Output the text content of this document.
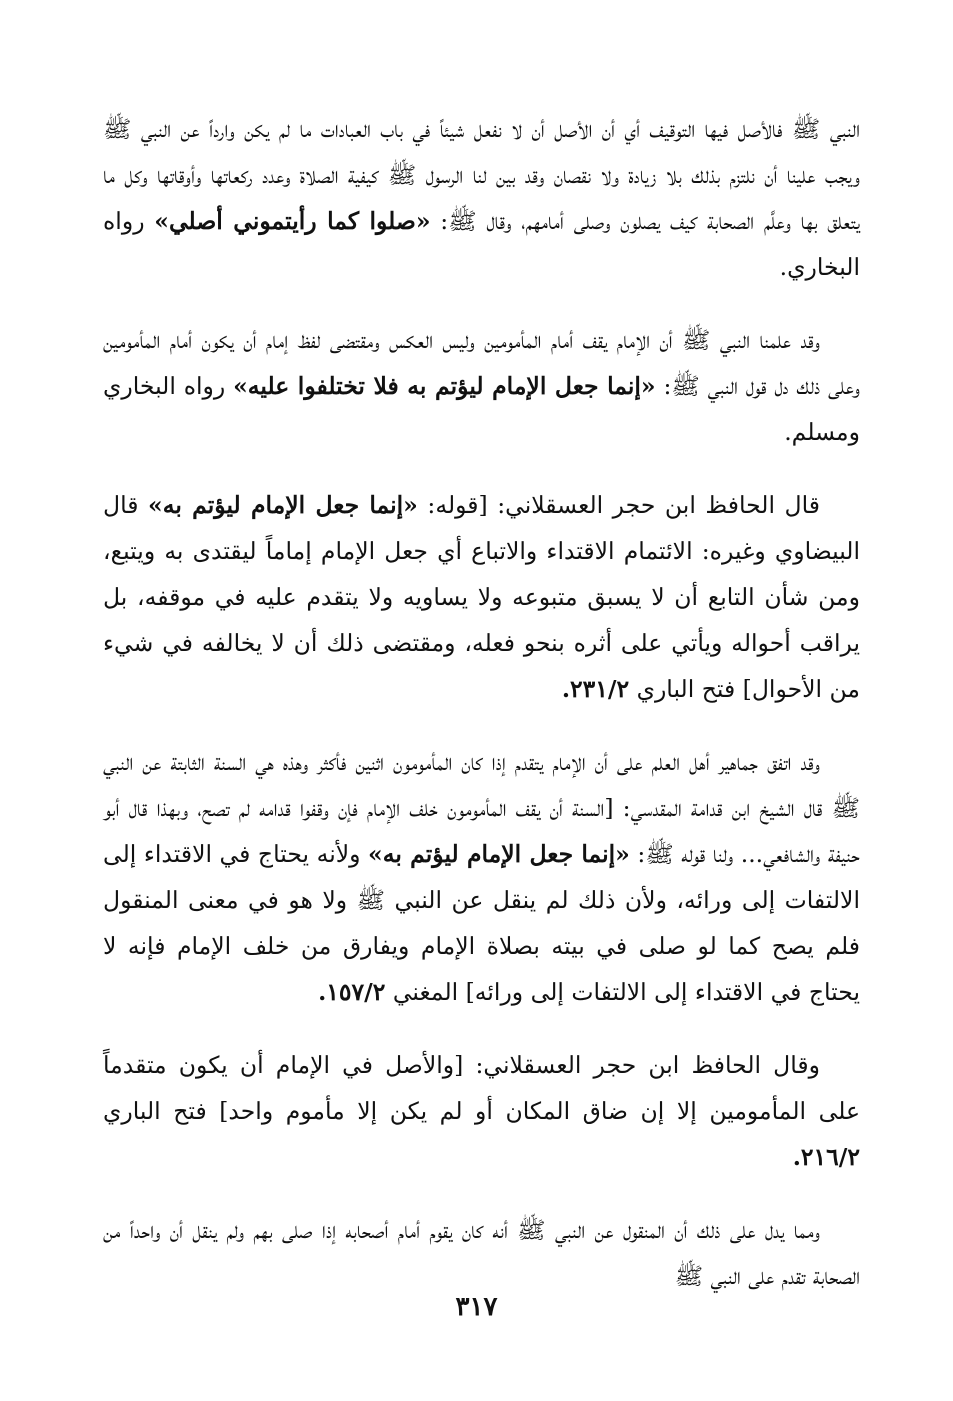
النبي ﷺ فالأصل فيها التوقيف أي أن الأصل أن لا نفعل شيئاً في باب العبادات ما لم يكن وارداً عن النبي ﷺ ويجب علينا أن نلتزم بذلك بلا زيادة ولا نقصان وقد بين لنا الرسول ﷺ كيفية الصلاة وعدد ركعاتها وأوقاتها وكل ما يتعلق بها وعلَّم الصحابة كيف يصلون وصلى أمامهم، وقال ﷺ: «صلوا كما رأيتموني أصلي» رواه البخاري.

وقد علمنا النبي ﷺ أن الإمام يقف أمام المأمومين وليس العكس ومقتضى لفظ إمام أن يكون أمام المأمومين وعلى ذلك دل قول النبي ﷺ: «إنما جعل الإمام ليؤتم به فلا تختلفوا عليه» رواه البخاري ومسلم.

قال الحافظ ابن حجر العسقلاني: [قوله: «إنما جعل الإمام ليؤتم به» قال البيضاوي وغيره: الائتمام الاقتداء والاتباع أي جعل الإمام إماماً ليقتدى به ويتبع، ومن شأن التابع أن لا يسبق متبوعه ولا يساويه ولا يتقدم عليه في موقفه، بل يراقب أحواله ويأتي على أثره بنحو فعله، ومقتضى ذلك أن لا يخالفه في شيء من الأحوال] فتح الباري ٢٣١/٢.

وقد اتفق جماهير أهل العلم على أن الإمام يتقدم إذا كان المأمومون اثنين فأكثر وهذه هي السنة الثابتة عن النبي ﷺ قال الشيخ ابن قدامة المقدسي: [السنة أن يقف المأمومون خلف الإمام فإن وقفوا قدامه لم تصح، وبهذا قال أبو حنيفة والشافعي... ولنا قوله ﷺ: «إنما جعل الإمام ليؤتم به» ولأنه يحتاج في الاقتداء إلى الالتفات إلى ورائه، ولأن ذلك لم ينقل عن النبي ﷺ ولا هو في معنى المنقول فلم يصح كما لو صلى في بيته بصلاة الإمام ويفارق من خلف الإمام فإنه لا يحتاج في الاقتداء إلى الالتفات إلى ورائه] المغني ١٥٧/٢.

وقال الحافظ ابن حجر العسقلاني: [والأصل في الإمام أن يكون متقدماً على المأمومين إلا إن ضاق المكان أو لم يكن إلا مأموم واحد] فتح الباري ٢١٦/٢.

ومما يدل على ذلك أن المنقول عن النبي ﷺ أنه كان يقوم أمام أصحابه إذا صلى بهم ولم ينقل أن واحداً من الصحابة تقدم على النبي ﷺ

٣١٧
